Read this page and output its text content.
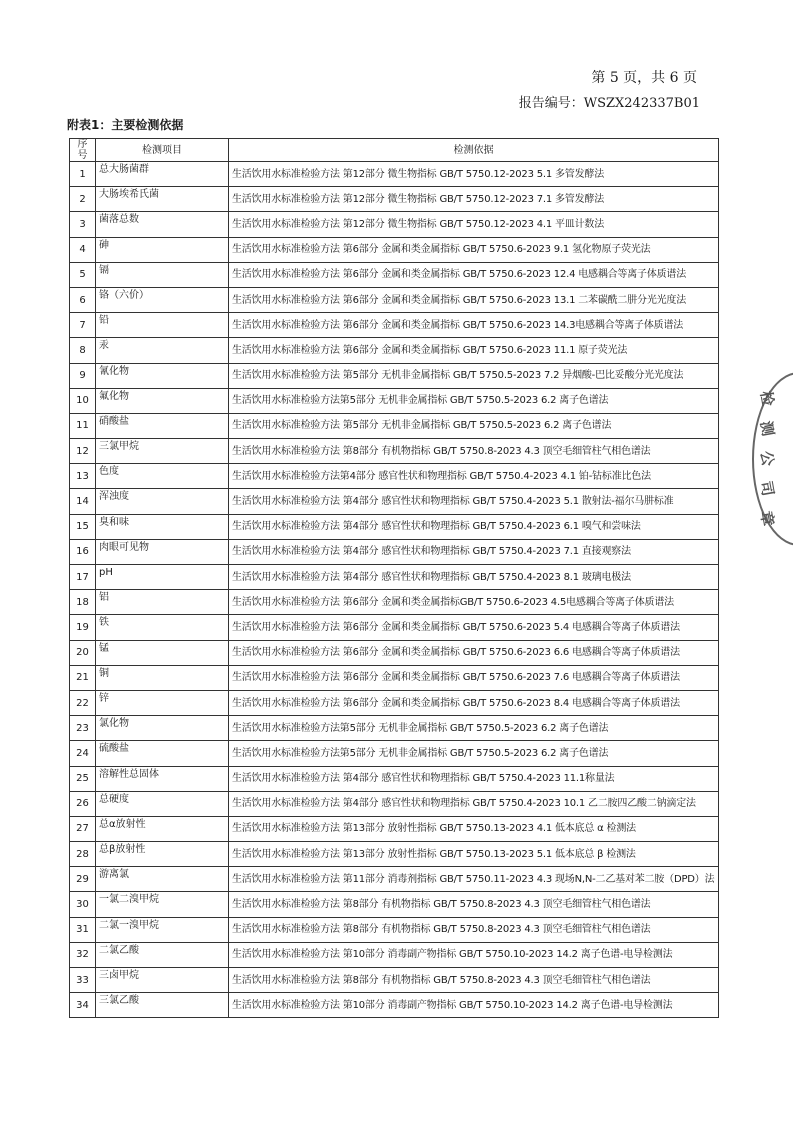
第 5 页，共 6 页
报告编号：WSZX242337B01
附表1：主要检测依据
序号	检测项目	检测依据
1	总大肠菌群	生活饮用水标准检验方法 第12部分 微生物指标 GB/T 5750.12-2023 5.1 多管发酵法
2	大肠埃希氏菌	生活饮用水标准检验方法 第12部分 微生物指标 GB/T 5750.12-2023 7.1 多管发酵法
3	菌落总数	生活饮用水标准检验方法 第12部分 微生物指标 GB/T 5750.12-2023 4.1 平皿计数法
4	砷	生活饮用水标准检验方法 第6部分 金属和类金属指标 GB/T 5750.6-2023 9.1 氢化物原子荧光法
5	镉	生活饮用水标准检验方法 第6部分 金属和类金属指标 GB/T 5750.6-2023 12.4 电感耦合等离子体质谱法
6	铬（六价）	生活饮用水标准检验方法 第6部分 金属和类金属指标 GB/T 5750.6-2023 13.1 二苯碳酰二肼分光光度法
7	铅	生活饮用水标准检验方法 第6部分 金属和类金属指标 GB/T 5750.6-2023 14.3电感耦合等离子体质谱法
8	汞	生活饮用水标准检验方法 第6部分 金属和类金属指标 GB/T 5750.6-2023 11.1 原子荧光法
9	氰化物	生活饮用水标准检验方法 第5部分 无机非金属指标 GB/T 5750.5-2023 7.2 异烟酸-巴比妥酸分光光度法
10	氟化物	生活饮用水标准检验方法第5部分 无机非金属指标 GB/T 5750.5-2023 6.2 离子色谱法
11	硝酸盐	生活饮用水标准检验方法 第5部分 无机非金属指标 GB/T 5750.5-2023 6.2 离子色谱法
12	三氯甲烷	生活饮用水标准检验方法 第8部分 有机物指标 GB/T 5750.8-2023 4.3 顶空毛细管柱气相色谱法
13	色度	生活饮用水标准检验方法第4部分 感官性状和物理指标 GB/T 5750.4-2023 4.1 铂-钴标准比色法
14	浑浊度	生活饮用水标准检验方法 第4部分 感官性状和物理指标 GB/T 5750.4-2023 5.1 散射法-福尔马肼标准
15	臭和味	生活饮用水标准检验方法 第4部分 感官性状和物理指标 GB/T 5750.4-2023 6.1 嗅气和尝味法
16	肉眼可见物	生活饮用水标准检验方法 第4部分 感官性状和物理指标 GB/T 5750.4-2023 7.1 直接观察法
17	pH	生活饮用水标准检验方法 第4部分 感官性状和物理指标 GB/T 5750.4-2023 8.1 玻璃电极法
18	铝	生活饮用水标准检验方法 第6部分 金属和类金属指标GB/T 5750.6-2023 4.5电感耦合等离子体质谱法
19	铁	生活饮用水标准检验方法 第6部分 金属和类金属指标 GB/T 5750.6-2023 5.4 电感耦合等离子体质谱法
20	锰	生活饮用水标准检验方法 第6部分 金属和类金属指标 GB/T 5750.6-2023 6.6 电感耦合等离子体质谱法
21	铜	生活饮用水标准检验方法 第6部分 金属和类金属指标 GB/T 5750.6-2023 7.6 电感耦合等离子体质谱法
22	锌	生活饮用水标准检验方法 第6部分 金属和类金属指标 GB/T 5750.6-2023 8.4 电感耦合等离子体质谱法
23	氯化物	生活饮用水标准检验方法第5部分 无机非金属指标 GB/T 5750.5-2023 6.2 离子色谱法
24	硫酸盐	生活饮用水标准检验方法第5部分 无机非金属指标 GB/T 5750.5-2023 6.2 离子色谱法
25	溶解性总固体	生活饮用水标准检验方法 第4部分 感官性状和物理指标 GB/T 5750.4-2023 11.1称量法
26	总硬度	生活饮用水标准检验方法 第4部分 感官性状和物理指标 GB/T 5750.4-2023 10.1 乙二胺四乙酸二钠滴定法
27	总α放射性	生活饮用水标准检验方法 第13部分 放射性指标 GB/T 5750.13-2023 4.1 低本底总 α 检测法
28	总β放射性	生活饮用水标准检验方法 第13部分 放射性指标 GB/T 5750.13-2023 5.1 低本底总 β 检测法
29	游离氯	生活饮用水标准检验方法 第11部分 消毒剂指标 GB/T 5750.11-2023 4.3 现场N,N-二乙基对苯二胺（DPD）法
30	一氯二溴甲烷	生活饮用水标准检验方法 第8部分 有机物指标 GB/T 5750.8-2023 4.3 顶空毛细管柱气相色谱法
31	二氯一溴甲烷	生活饮用水标准检验方法 第8部分 有机物指标 GB/T 5750.8-2023 4.3 顶空毛细管柱气相色谱法
32	二氯乙酸	生活饮用水标准检验方法 第10部分 消毒副产物指标 GB/T 5750.10-2023 14.2 离子色谱-电导检测法
33	三卤甲烷	生活饮用水标准检验方法 第8部分 有机物指标 GB/T 5750.8-2023 4.3 顶空毛细管柱气相色谱法
34	三氯乙酸	生活饮用水标准检验方法 第10部分 消毒副产物指标 GB/T 5750.10-2023 14.2 离子色谱-电导检测法
检
测
公
司
章
